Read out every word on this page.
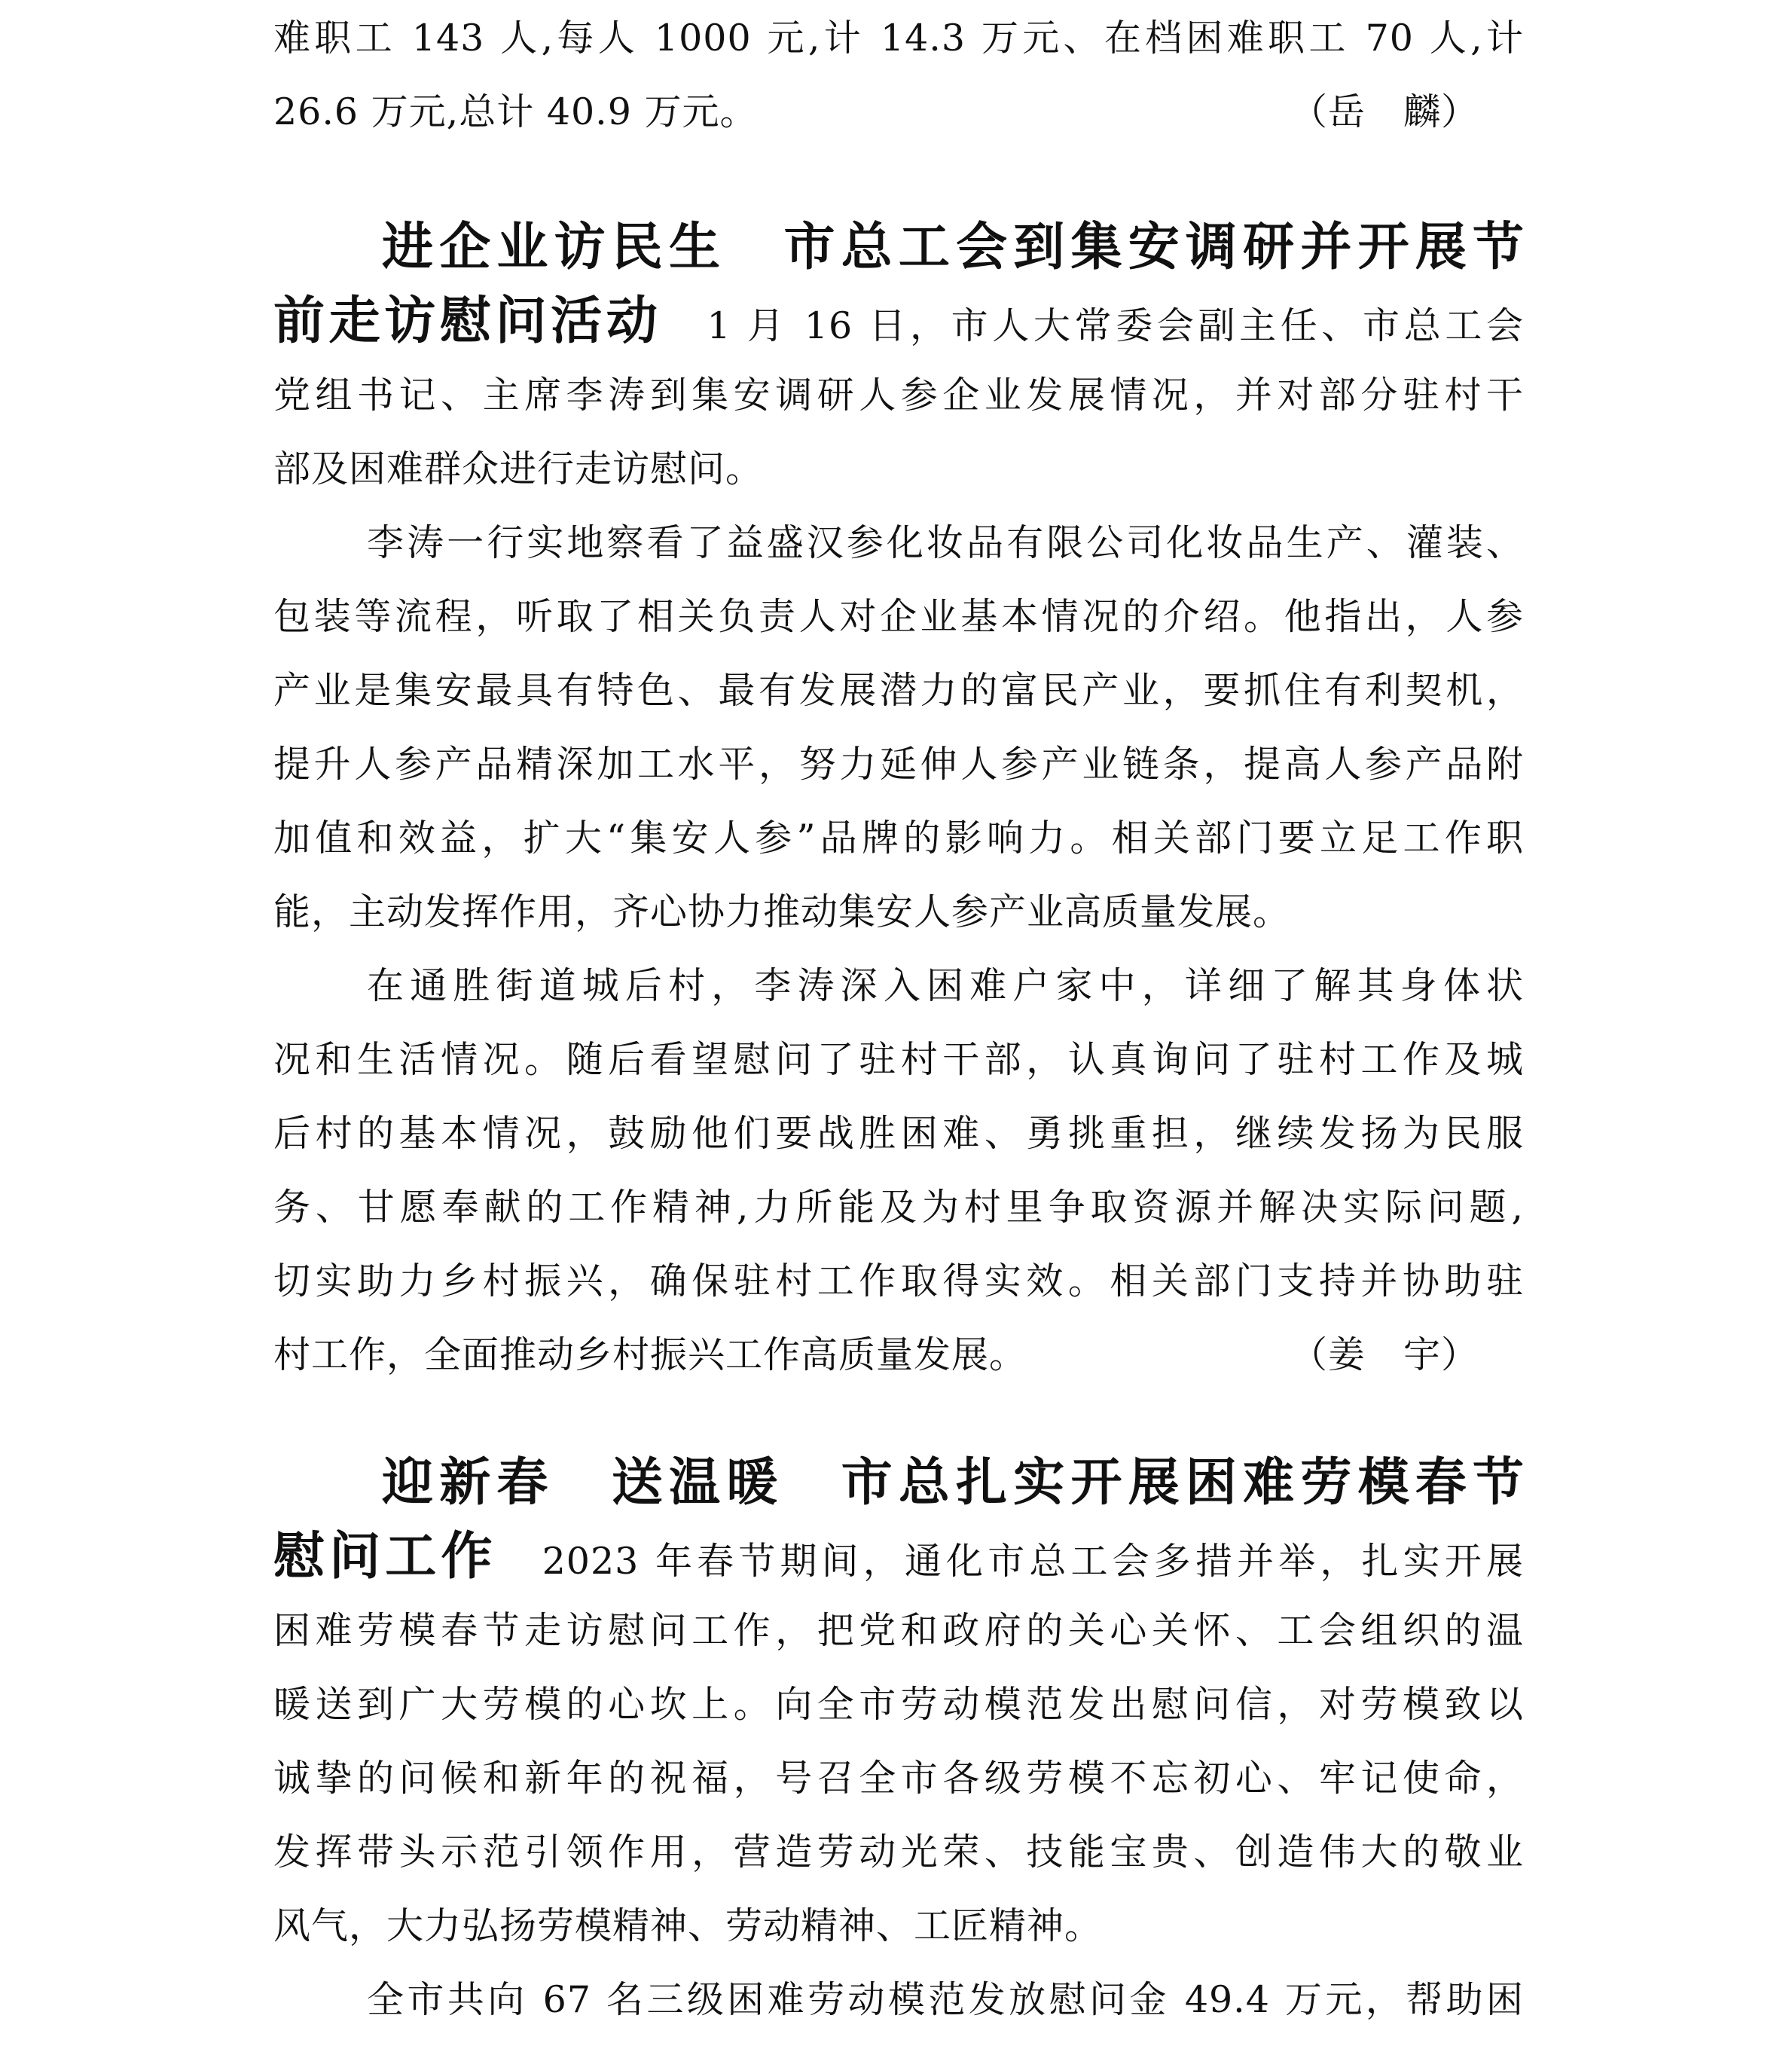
难职工 143 人,每人 1000 元,计 14.3 万元、在档困难职工 70 人,计
26.6 万元,总计 40.9 万元。	（岳　麟）
进企业访民生　市总工会到集安调研并开展节
前走访慰问活动 1 月 16 日，市人大常委会副主任、市总工会
党组书记、主席李涛到集安调研人参企业发展情况，并对部分驻村干
部及困难群众进行走访慰问。
李涛一行实地察看了益盛汉参化妆品有限公司化妆品生产、灌装、
包装等流程，听取了相关负责人对企业基本情况的介绍。他指出，人参
产业是集安最具有特色、最有发展潜力的富民产业，要抓住有利契机，
提升人参产品精深加工水平，努力延伸人参产业链条，提高人参产品附
加值和效益，扩大“集安人参”品牌的影响力。相关部门要立足工作职
能，主动发挥作用，齐心协力推动集安人参产业高质量发展。
在通胜街道城后村，李涛深入困难户家中，详细了解其身体状
况和生活情况。随后看望慰问了驻村干部，认真询问了驻村工作及城
后村的基本情况，鼓励他们要战胜困难、勇挑重担，继续发扬为民服
务、甘愿奉献的工作精神,力所能及为村里争取资源并解决实际问题,
切实助力乡村振兴，确保驻村工作取得实效。相关部门支持并协助驻
村工作，全面推动乡村振兴工作高质量发展。	（姜　宇）
迎新春　送温暖　市总扎实开展困难劳模春节
慰问工作 2023 年春节期间，通化市总工会多措并举，扎实开展
困难劳模春节走访慰问工作，把党和政府的关心关怀、工会组织的温
暖送到广大劳模的心坎上。向全市劳动模范发出慰问信，对劳模致以
诚挚的问候和新年的祝福，号召全市各级劳模不忘初心、牢记使命，
发挥带头示范引领作用，营造劳动光荣、技能宝贵、创造伟大的敬业
风气，大力弘扬劳模精神、劳动精神、工匠精神。
全市共向 67 名三级困难劳动模范发放慰问金 49.4 万元，帮助困
